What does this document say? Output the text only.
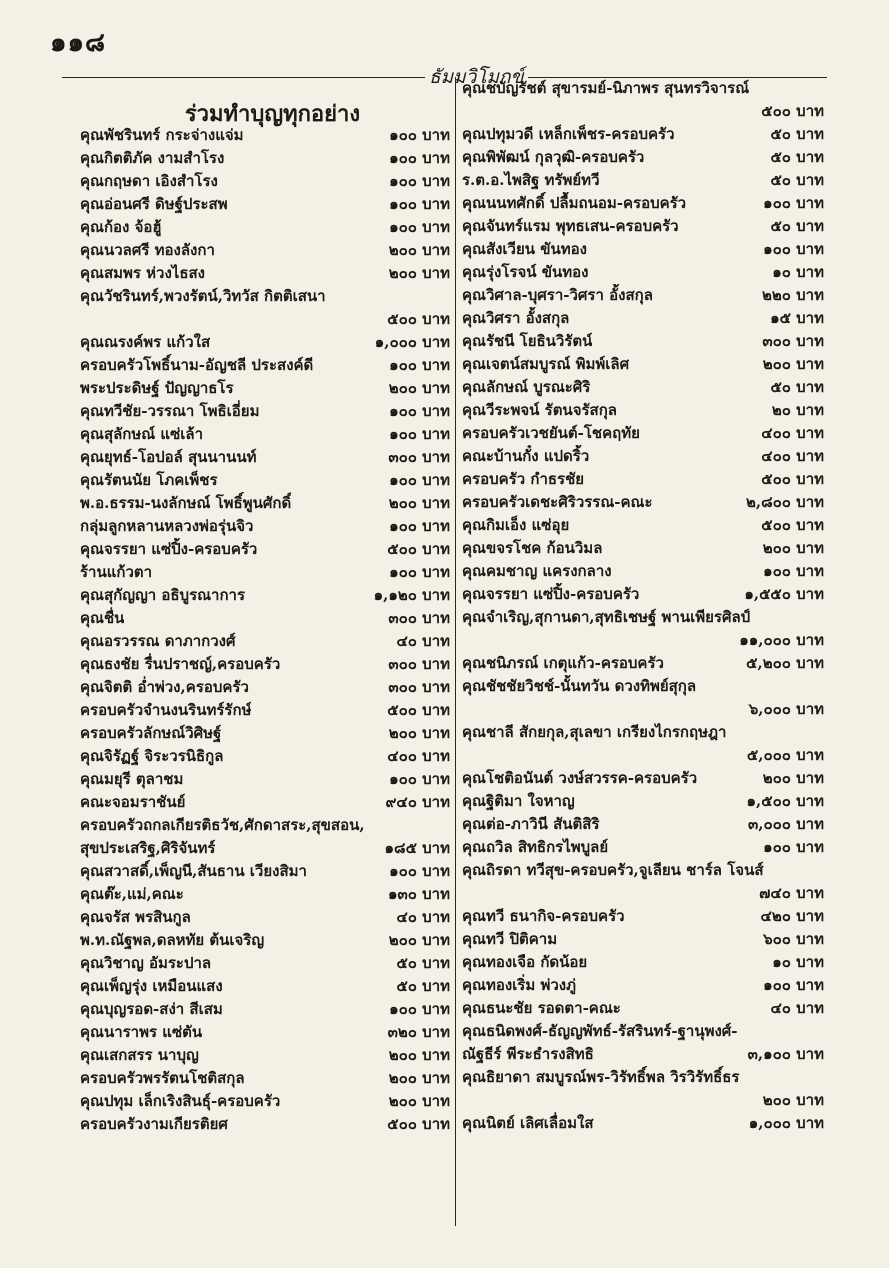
๑๑๘
ธัมมวิโมกข์
ร่วมทำบุญทุกอย่าง
คุณพัชรินทร์ กระจ่างแจ่ม	๑๐๐ บาท
คุณกิตติภัค งามสำโรง	๑๐๐ บาท
คุณกฤษดา เอิงสำโรง	๑๐๐ บาท
คุณอ่อนศรี ดิษฐ์ประสพ	๑๐๐ บาท
คุณก้อง จ้อฮู้	๑๐๐ บาท
คุณนวลศรี ทองลังกา	๒๐๐ บาท
คุณสมพร ห่วงไธสง	๒๐๐ บาท
คุณวัชรินทร์,พวงรัตน์,วิทวัส กิตติเสนา
๕๐๐ บาท
คุณณรงค์พร แก้วใส	๑,๐๐๐ บาท
ครอบครัวโพธิ์นาม-อัญชลี ประสงค์ดี	๑๐๐ บาท
พระประดิษฐ์ ปัญญาธโร	๒๐๐ บาท
คุณทวีชัย-วรรณา โพธิเอี่ยม	๑๐๐ บาท
คุณสุลักษณ์ แซ่เล้า	๑๐๐ บาท
คุณยุทธ์-โอปอล์ สุนนานนท์	๓๐๐ บาท
คุณรัตนนัย โภคเพ็ชร	๑๐๐ บาท
พ.อ.ธรรม-นงลักษณ์ โพธิ์พูนศักดิ์	๒๐๐ บาท
กลุ่มลูกหลานหลวงพ่อรุ่นจิว	๑๐๐ บาท
คุณจรรยา แซ่ปิ้ง-ครอบครัว	๕๐๐ บาท
ร้านแก้วตา	๑๐๐ บาท
คุณสุกัญญา อธิบูรณาการ	๑,๑๒๐ บาท
คุณชื่น	๓๐๐ บาท
คุณอรวรรณ ดาภากวงศ์	๔๐ บาท
คุณธงชัย รื่นปราชญ์,ครอบครัว	๓๐๐ บาท
คุณจิตติ อ่ำพ่วง,ครอบครัว	๓๐๐ บาท
ครอบครัวจำนงนรินทร์รักษ์	๕๐๐ บาท
ครอบครัวลักษณ์วิศิษฐ์	๒๐๐ บาท
คุณจิรัฏฐ์ จิระวรนิธิกูล	๔๐๐ บาท
คุณมยุรี ตุลาชม	๑๐๐ บาท
คณะจอมราชันย์	๙๔๐ บาท
ครอบครัวถกลเกียรติธวัช,ศักดาสระ,สุขสอน,
สุขประเสริฐ,ศิริจันทร์	๑๘๕ บาท
คุณสวาสดิ์,เพ็ญนี,สันธาน เวียงสิมา	๑๐๐ บาท
คุณต๊ะ,แม่,คณะ	๑๓๐ บาท
คุณจรัส พรสินกูล	๔๐ บาท
พ.ท.ณัฐพล,ดลหทัย ต้นเจริญ	๒๐๐ บาท
คุณวิชาญ อัมระปาล	๕๐ บาท
คุณเพ็ญรุ่ง เหมือนแสง	๕๐ บาท
คุณบุญรอด-สง่า สีเสม	๑๐๐ บาท
คุณนาราพร แซ่ตัน	๓๒๐ บาท
คุณเสกสรร นาบุญ	๒๐๐ บาท
ครอบครัวพรรัตนโชติสกุล	๒๐๐ บาท
คุณปทุม เล็กเริงสินธุ์-ครอบครัว	๒๐๐ บาท
ครอบครัวงามเกียรติยศ	๕๐๐ บาท
คุณชบัญรัชต์ สุขารมย์-นิภาพร สุนทรวิจารณ์
๕๐๐ บาท
คุณปทุมวดี เหล็กเพ็ชร-ครอบครัว	๕๐ บาท
คุณพิพัฒน์ กุลวุฒิ-ครอบครัว	๕๐ บาท
ร.ต.อ.ไพสิฐ ทรัพย์ทวี	๕๐ บาท
คุณนนทศักดิ์ ปลื้มถนอม-ครอบครัว	๑๐๐ บาท
คุณจันทร์แรม พุทธเสน-ครอบครัว	๕๐ บาท
คุณสังเวียน ขันทอง	๑๐๐ บาท
คุณรุ่งโรจน์ ขันทอง	๑๐ บาท
คุณวิศาล-บุศรา-วิศรา อั้งสกุล	๒๒๐ บาท
คุณวิศรา อั้งสกุล	๑๕ บาท
คุณรัชนี โยธินวิรัตน์	๓๐๐ บาท
คุณเจตน์สมบูรณ์ พิมพ์เลิศ	๒๐๐ บาท
คุณลักษณ์ บูรณะศิริ	๕๐ บาท
คุณวีระพจน์ รัตนจรัสกุล	๒๐ บาท
ครอบครัวเวชยันต์-โชคฤทัย	๔๐๐ บาท
คณะบ้านกั๋ง แปดริ้ว	๔๐๐ บาท
ครอบครัว กำธรชัย	๕๐๐ บาท
ครอบครัวเดชะศิริวรรณ-คณะ	๒,๘๐๐ บาท
คุณกิมเอ็ง แซ่อุย	๕๐๐ บาท
คุณขจรโชค ก้อนวิมล	๒๐๐ บาท
คุณคมชาญ แครงกลาง	๑๐๐ บาท
คุณจรรยา แซ่ปิ้ง-ครอบครัว	๑,๕๕๐ บาท
คุณจำเริญ,สุกานดา,สุทธิเชษฐ์ พานเพียรศิลป์
๑๑,๐๐๐ บาท
คุณชนิภรณ์ เกตุแก้ว-ครอบครัว	๕,๒๐๐ บาท
คุณชัชชัยวิชช์-นั้นทวัน ดวงทิพย์สุกุล
๖,๐๐๐ บาท
คุณชาลี สักยกุล,สุเลขา เกรียงไกรกฤษฎา
๕,๐๐๐ บาท
คุณโชติอนันต์ วงษ์สวรรค-ครอบครัว	๒๐๐ บาท
คุณฐิติมา ใจหาญ	๑,๕๐๐ บาท
คุณต่อ-ภาวินี สันติสิริ	๓,๐๐๐ บาท
คุณถวิล สิทธิกรไพบูลย์	๑๐๐ บาท
คุณถิรดา ทวีสุข-ครอบครัว,จูเลียน ชาร์ล โจนส์
๗๔๐ บาท
คุณทวี ธนากิจ-ครอบครัว	๔๒๐ บาท
คุณทวี ปิติคาม	๖๐๐ บาท
คุณทองเจือ กัดน้อย	๑๐ บาท
คุณทองเริ่ม พ่วงภู่	๑๐๐ บาท
คุณธนะชัย รอดตา-คณะ	๔๐ บาท
คุณธนิดพงศ์-ธัญญพัทธ์-รัสรินทร์-ฐานุพงศ์-
ณัฐธีร์ พีระธำรงสิทธิ	๓,๑๐๐ บาท
คุณธิยาดา สมบูรณ์พร-วิรัทธิ์พล วิรวิรัทธิ์ธร
๒๐๐ บาท
คุณนิตย์ เลิศเลื่อมใส	๑,๐๐๐ บาท
